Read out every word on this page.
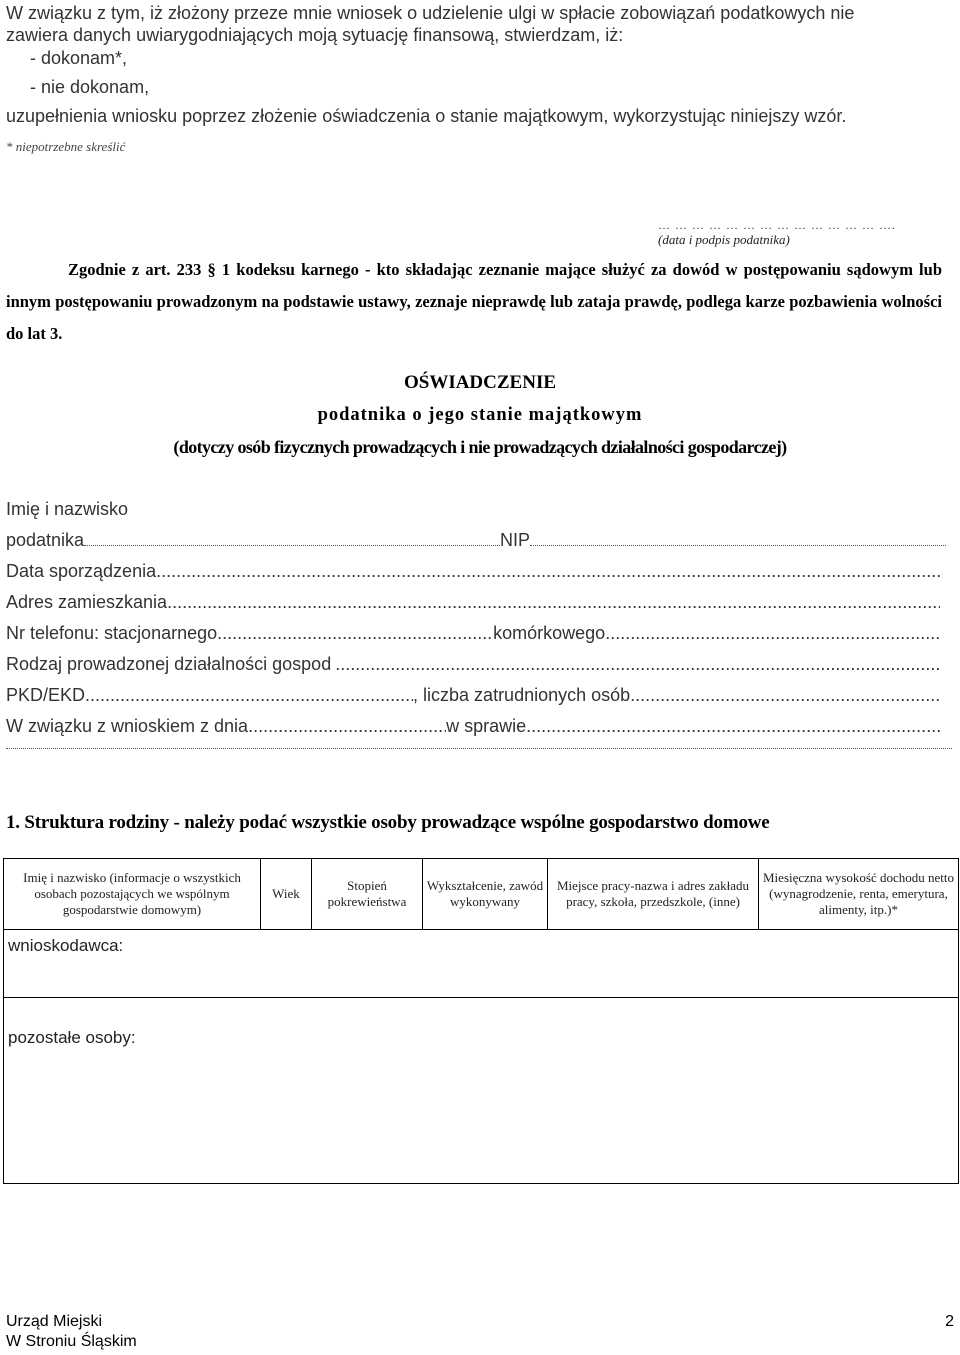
W związku z tym, iż złożony przeze mnie wniosek o udzielenie ulgi w spłacie zobowiązań podatkowych nie
zawiera danych uwiarygodniających moją sytuację finansową, stwierdzam, iż:
- dokonam*,
- nie dokonam,
uzupełnienia wniosku poprzez złożenie oświadczenia o stanie majątkowym, wykorzystując niniejszy wzór.
* niepotrzebne skreślić
… … … … … … … … … … … … … ….
(data i podpis podatnika)

Zgodnie z art. 233 § 1 kodeksu karnego - kto składając zeznanie mające służyć za dowód w postępowaniu sądowym lub innym postępowaniu prowadzonym na podstawie ustawy, zeznaje nieprawdę lub zataja prawdę, podlega karze pozbawienia wolności do lat 3.

OŚWIADCZENIE
podatnika o jego stanie majątkowym
(dotyczy osób fizycznych prowadzących i nie prowadzących działalności gospodarczej)
Imię i nazwisko
podatnika	NIP
Data sporządzenia
.....
Adres zamieszkania
.....
Nr telefonu: stacjonarnego .....	komórkowego
.....
Rodzaj prowadzonej działalności gospod
.....
PKD/EKD .....	, liczba zatrudnionych osób
.....
W związku z wnioskiem z dnia .....	w sprawie
.....
1. Struktura rodziny - należy podać wszystkie osoby prowadzące wspólne gospodarstwo domowe
Imię i nazwisko (informacje o wszystkich osobach pozostających we wspólnym gospodarstwie domowym)	Wiek	Stopień pokrewieństwa	Wykształcenie, zawód wykonywany	Miejsce pracy-nazwa i adres zakładu pracy, szkoła, przedszkole, (inne)	Miesięczna wysokość dochodu netto (wynagrodzenie, renta, emerytura, alimenty, itp.)*
wnioskodawca:
pozostałe osoby:
Urząd Miejski
W Stroniu Śląskim
2
